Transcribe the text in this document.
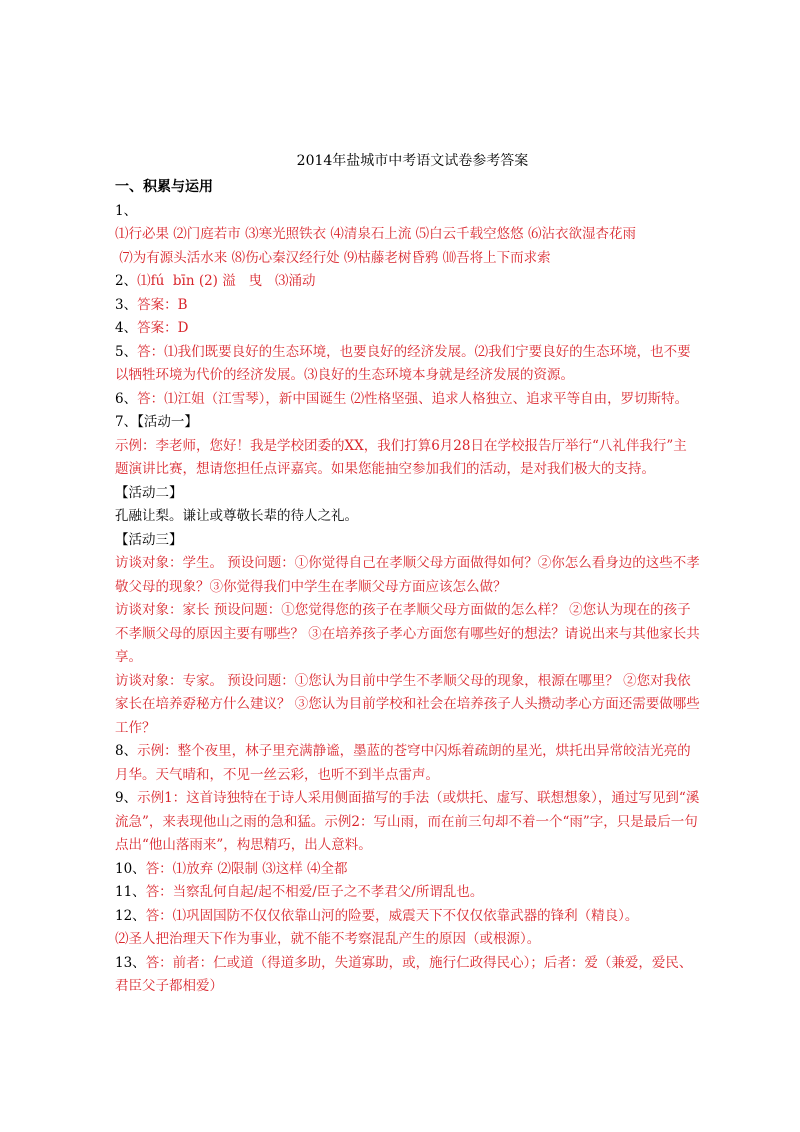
2014年盐城市中考语文试卷参考答案
一、积累与运用
1、
⑴行必果 ⑵门庭若市 ⑶寒光照铁衣 ⑷清泉石上流 ⑸白云千载空悠悠 ⑹沾衣欲湿杏花雨
⑺为有源头活水来 ⑻伤心秦汉经行处 ⑼枯藤老树昏鸦 ⑽吾将上下而求索
2、⑴fú  bīn (2) 溢   曳   ⑶涌动
3、答案：B
4、答案：D
5、答：⑴我们既要良好的生态环境，也要良好的经济发展。⑵我们宁要良好的生态环境，也不要以牺牲环境为代价的经济发展。⑶良好的生态环境本身就是经济发展的资源。
6、答：⑴江姐（江雪琴），新中国诞生 ⑵性格坚强、追求人格独立、追求平等自由，罗切斯特。
7、【活动一】
示例：李老师，您好！我是学校团委的XX，我们打算6月28日在学校报告厅举行“八礼伴我行”主题演讲比赛，想请您担任点评嘉宾。如果您能抽空参加我们的活动，是对我们极大的支持。
【活动二】
孔融让梨。谦让或尊敬长辈的待人之礼。
【活动三】
访谈对象：学生。 预设问题：①你觉得自己在孝顺父母方面做得如何？②你怎么看身边的这些不孝敬父母的现象？③你觉得我们中学生在孝顺父母方面应该怎么做？
访谈对象：家长 预设问题：①您觉得您的孩子在孝顺父母方面做的怎么样？ ②您认为现在的孩子不孝顺父母的原因主要有哪些？ ③在培养孩子孝心方面您有哪些好的想法？请说出来与其他家长共享。
访谈对象：专家。 预设问题：①您认为目前中学生不孝顺父母的现象，根源在哪里？ ②您对我依家长在培养孬秘方什么建议？ ③您认为目前学校和社会在培养孩子人头攒动孝心方面还需要做哪些工作？
8、示例：整个夜里，林子里充满静谧，墨蓝的苍穹中闪烁着疏朗的星光，烘托出异常皎洁光亮的月华。天气晴和，不见一丝云彩，也听不到半点雷声。
9、示例1：这首诗独特在于诗人采用侧面描写的手法（或烘托、虚写、联想想象），通过写见到“溪流急”，来表现他山之雨的急和猛。示例2：写山雨，而在前三句却不着一个“雨”字，只是最后一句点出“他山落雨来”，构思精巧，出人意料。
10、答：⑴放弃 ⑵限制 ⑶这样 ⑷全都
11、答：当察乱何自起/起不相爱/臣子之不孝君父/所谓乱也。
12、答：⑴巩固国防不仅仅依靠山河的险要，威震天下不仅仅依靠武器的锋利（精良）。
⑵圣人把治理天下作为事业，就不能不考察混乱产生的原因（或根源）。
13、答：前者：仁或道（得道多助，失道寡助，或，施行仁政得民心）；后者：爱（兼爱，爱民、君臣父子都相爱）
